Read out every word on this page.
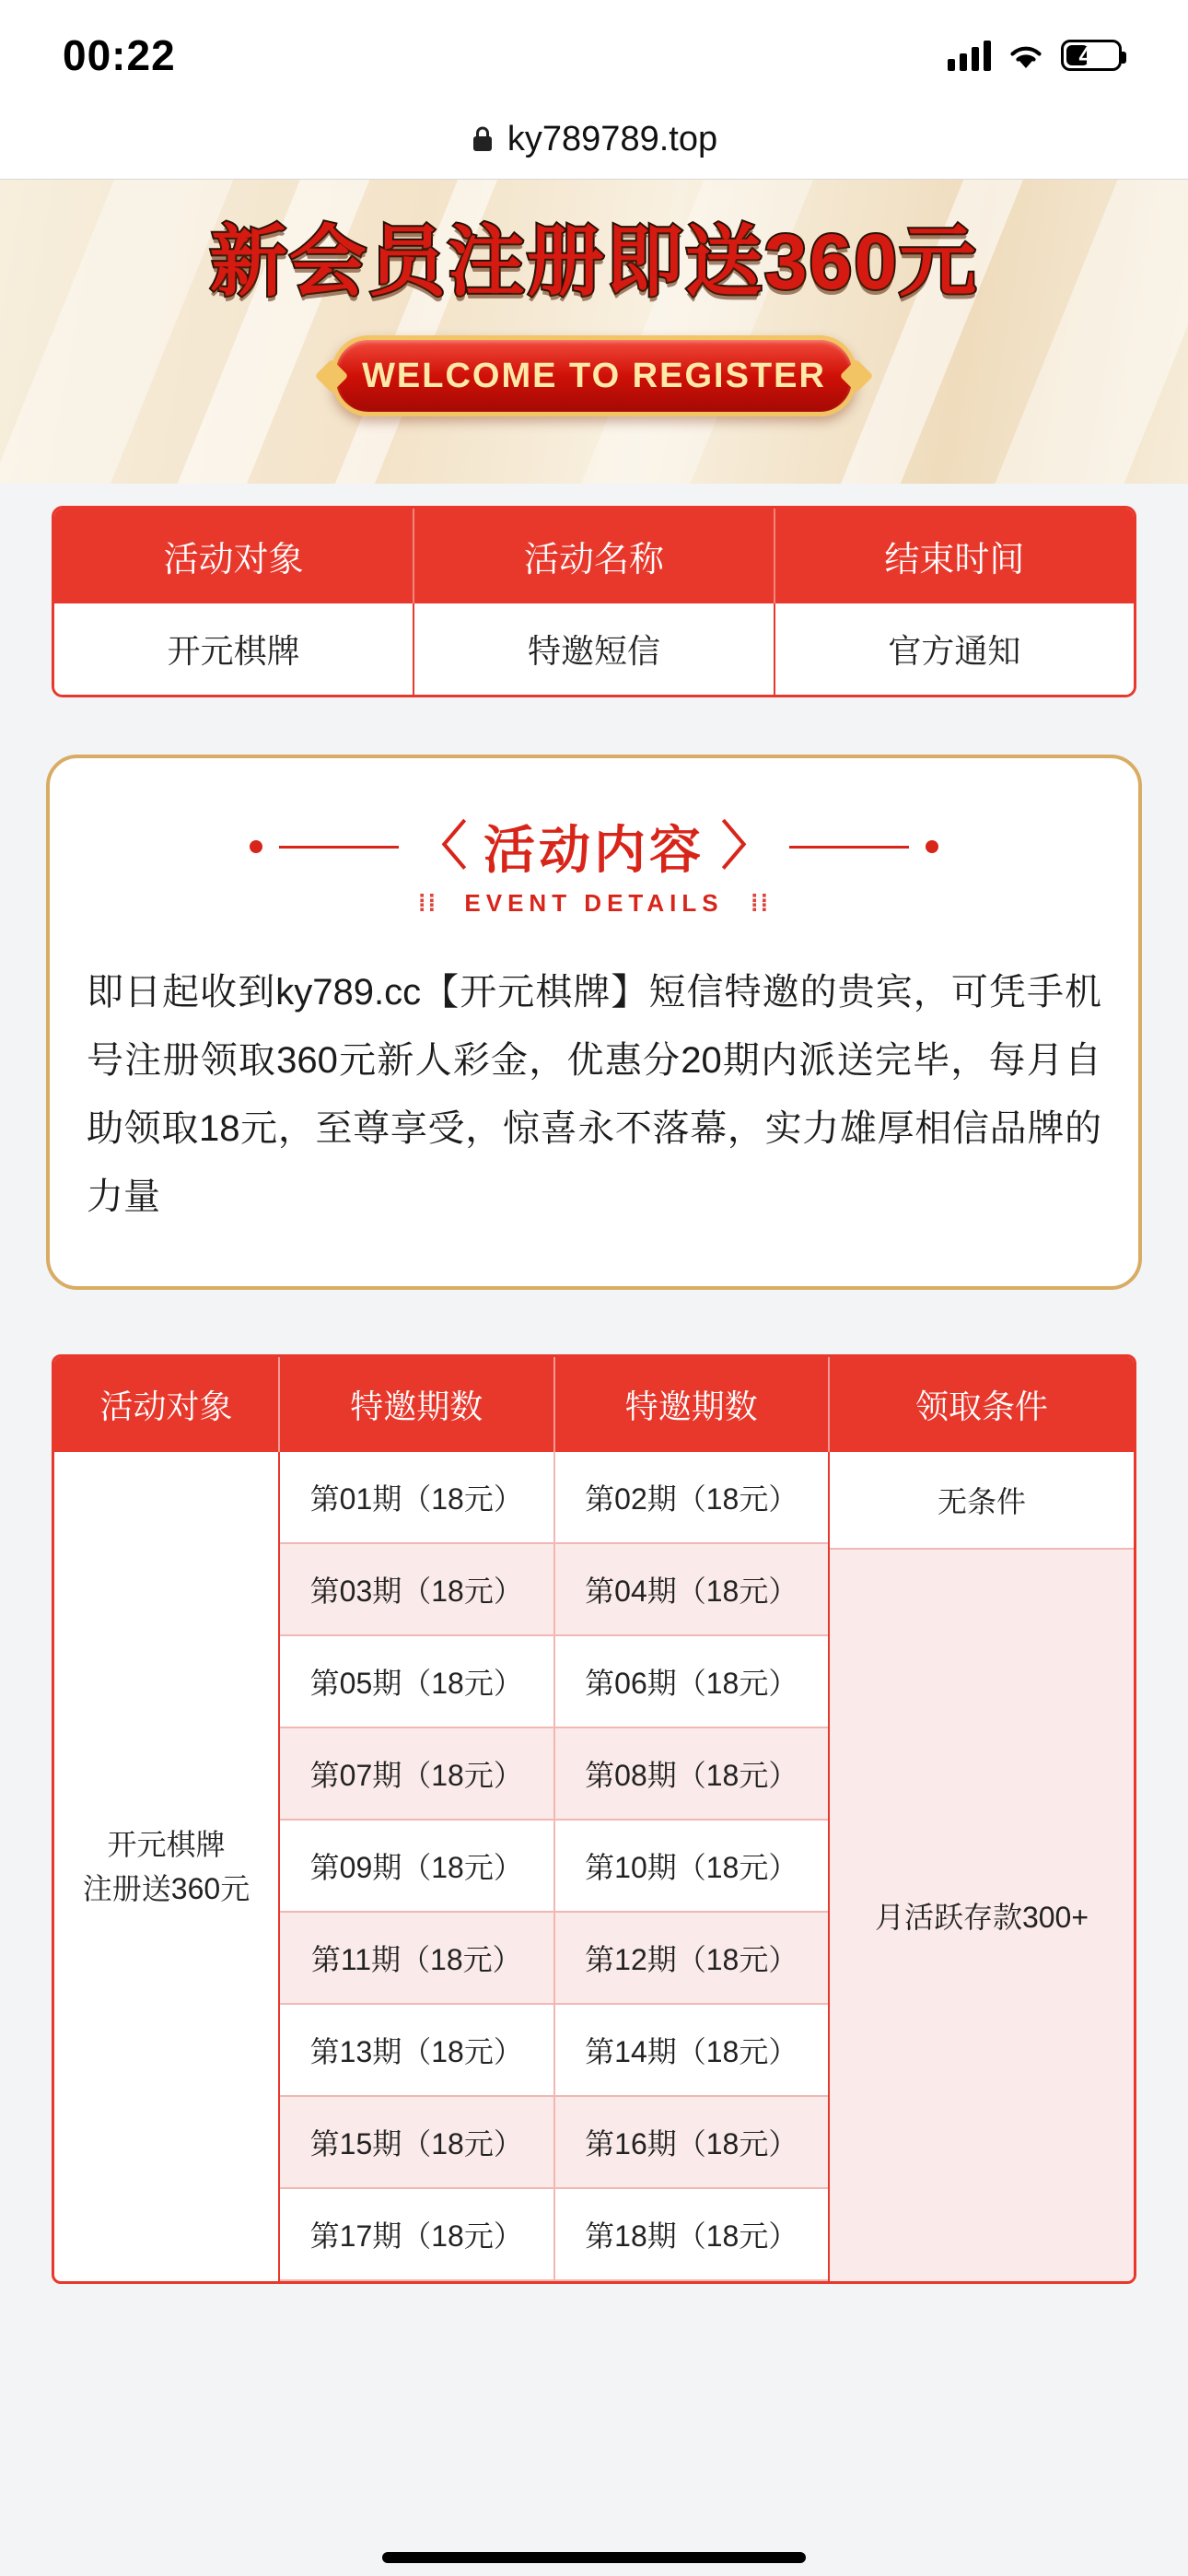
00:22	44
ky789789.top
新会员注册即送360元
WELCOME TO REGISTER
活动对象	活动名称	结束时间
开元棋牌	特邀短信	官方通知
〈 活动内容 〉
⁞⁞ EVENT DETAILS ⁞⁞
即日起收到ky789.cc【开元棋牌】短信特邀的贵宾，可凭手机号注册领取360元新人彩金，优惠分20期内派送完毕，每月自助领取18元，至尊享受，惊喜永不落幕，实力雄厚相信品牌的力量
活动对象	特邀期数	特邀期数	领取条件
开元棋牌
注册送360元
第01期（18元）	第02期（18元）
第03期（18元）	第04期（18元）
第05期（18元）	第06期（18元）
第07期（18元）	第08期（18元）
第09期（18元）	第10期（18元）
第11期（18元）	第12期（18元）
第13期（18元）	第14期（18元）
第15期（18元）	第16期（18元）
第17期（18元）	第18期（18元）
无条件
月活跃存款300+
